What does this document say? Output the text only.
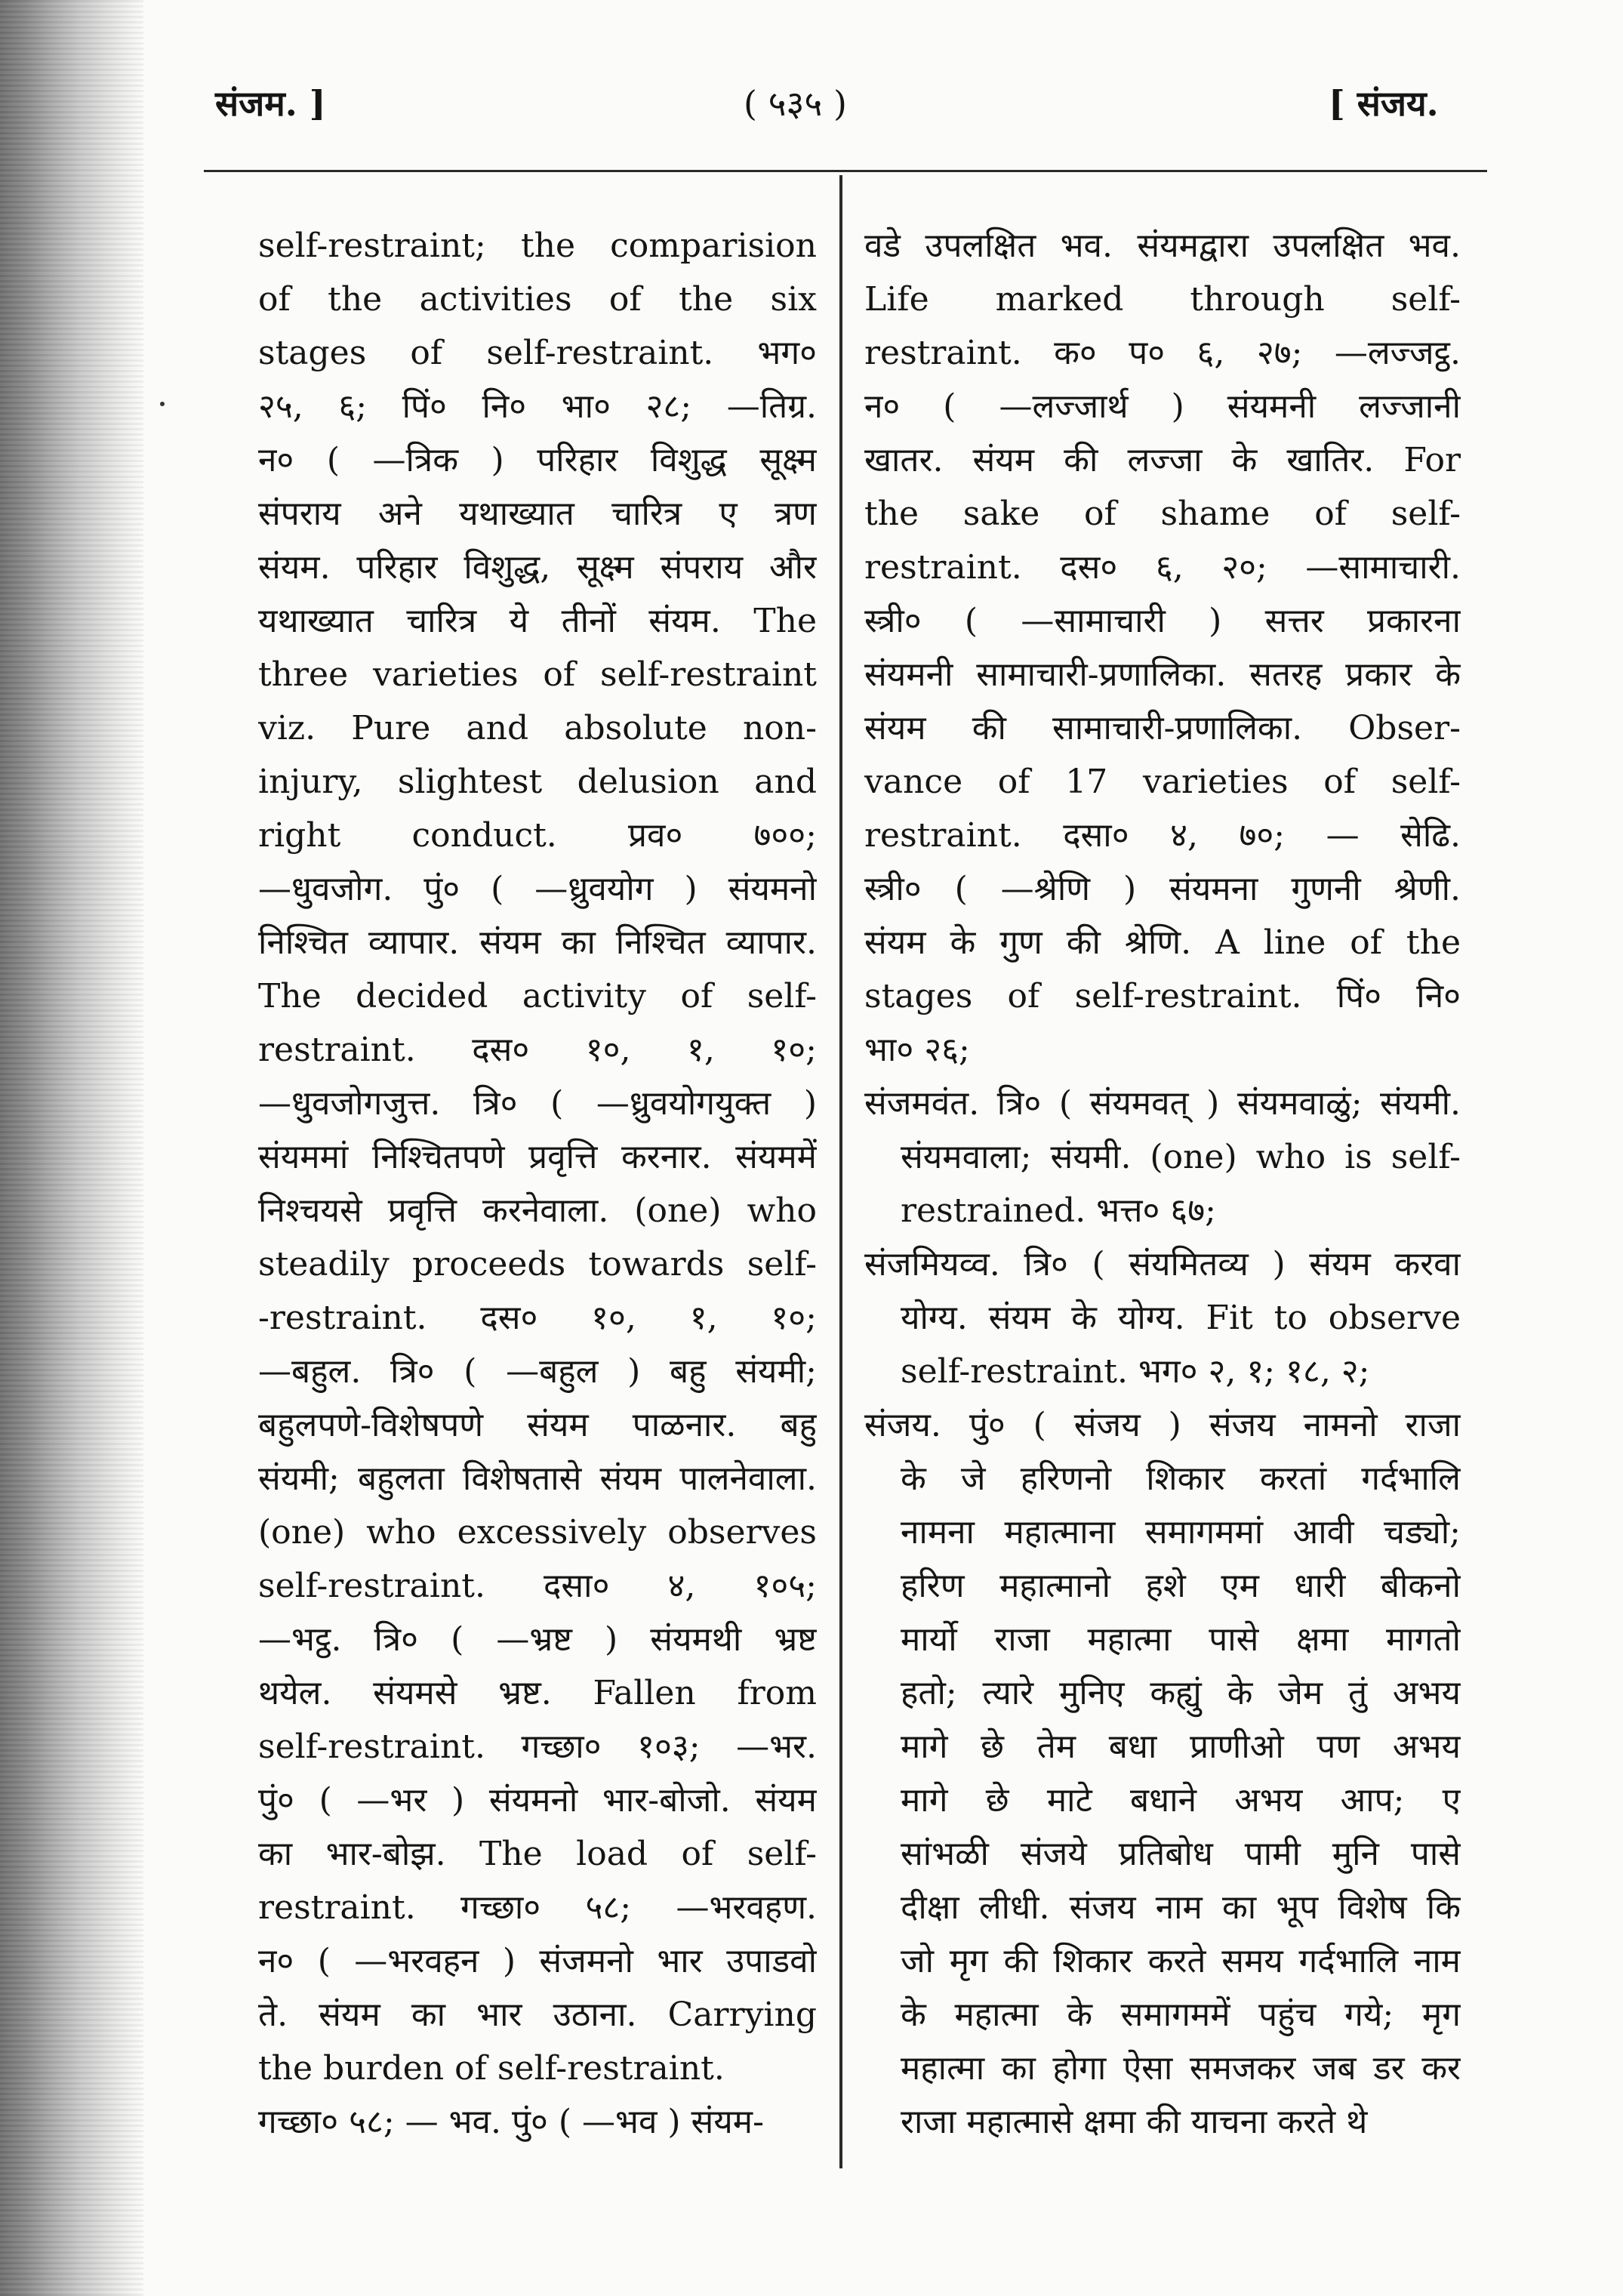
संजम. ]	( ५३५ )	[ संजय.
self-restraint; the comparision
of the activities of the six
stages of self-restraint. भग०
२५, ६; पिं० नि० भा० २८; —तिग्र.
न० ( —त्रिक ) परिहार विशुद्ध सूक्ष्म
संपराय अने यथाख्यात चारित्र ए त्रण
संयम. परिहार विशुद्ध, सूक्ष्म संपराय और
यथाख्यात चारित्र ये तीनों संयम. The
three varieties of self-restraint
viz. Pure and absolute non-
injury, slightest delusion and
right conduct. प्रव० ७००;
—धुवजोग. पुं० ( —ध्रुवयोग ) संयमनो
निश्चित व्यापार. संयम का निश्चित व्यापार.
The decided activity of self-
restraint. दस० १०, १, १०;
—धुवजोगजुत्त. त्रि० ( —ध्रुवयोगयुक्त )
संयममां निश्चितपणे प्रवृत्ति करनार. संयममें
निश्चयसे प्रवृत्ति करनेवाला. (one) who
steadily proceeds towards self-
-restraint. दस० १०, १, १०;
—बहुल. त्रि० ( —बहुल ) बहु संयमी;
बहुलपणे-विशेषपणे संयम पाळनार. बहु
संयमी; बहुलता विशेषतासे संयम पालनेवाला.
(one) who excessively observes
self-restraint. दसा० ४, १०५;
—भट्ठ. त्रि० ( —भ्रष्ट ) संयमथी भ्रष्ट
थयेल. संयमसे भ्रष्ट. Fallen from
self-restraint. गच्छा० १०३; —भर.
पुं० ( —भर ) संयमनो भार-बोजो. संयम
का भार-बोझ. The load of self-
restraint. गच्छा० ५८; —भरवहण.
न० ( —भरवहन ) संजमनो भार उपाडवो
ते. संयम का भार उठाना. Carrying
the burden of self-restraint.
गच्छा० ५८; — भव. पुं० ( —भव ) संयम-
वडे उपलक्षित भव. संयमद्वारा उपलक्षित भव.
Life marked through self-
restraint. क० प० ६, २७; —लज्जट्ठ.
न० ( —लज्जार्थ ) संयमनी लज्जानी
खातर. संयम की लज्जा के खातिर. For
the sake of shame of self-
restraint. दस० ६, २०; —सामाचारी.
स्त्री० ( —सामाचारी ) सत्तर प्रकारना
संयमनी सामाचारी-प्रणालिका. सतरह प्रकार के
संयम की सामाचारी-प्रणालिका. Obser-
vance of 17 varieties of self-
restraint. दसा० ४, ७०; — सेढि.
स्त्री० ( —श्रेणि ) संयमना गुणनी श्रेणी.
संयम के गुण की श्रेणि. A line of the
stages of self-restraint. पिं० नि०
भा० २६;
संजमवंत. त्रि० ( संयमवत् ) संयमवाळुं; संयमी.
संयमवाला; संयमी. (one) who is self-
restrained. भत्त० ६७;
संजमियव्व. त्रि० ( संयमितव्य ) संयम करवा
योग्य. संयम के योग्य. Fit to observe
self-restraint. भग० २, १; १८, २;
संजय. पुं० ( संजय ) संजय नामनो राजा
के जे हरिणनो शिकार करतां गर्दभालि
नामना महात्माना समागममां आवी चड्यो;
हरिण महात्मानो हशे एम धारी बीकनो
मार्यो राजा महात्मा पासे क्षमा मागतो
हतो; त्यारे मुनिए कह्युं के जेम तुं अभय
मागे छे तेम बधा प्राणीओ पण अभय
मागे छे माटे बधाने अभय आप; ए
सांभळी संजये प्रतिबोध पामी मुनि पासे
दीक्षा लीधी. संजय नाम का भूप विशेष कि
जो मृग की शिकार करते समय गर्दभालि नाम
के महात्मा के समागममें पहुंच गये; मृग
महात्मा का होगा ऐसा समजकर जब डर कर
राजा महात्मासे क्षमा की याचना करते थे
